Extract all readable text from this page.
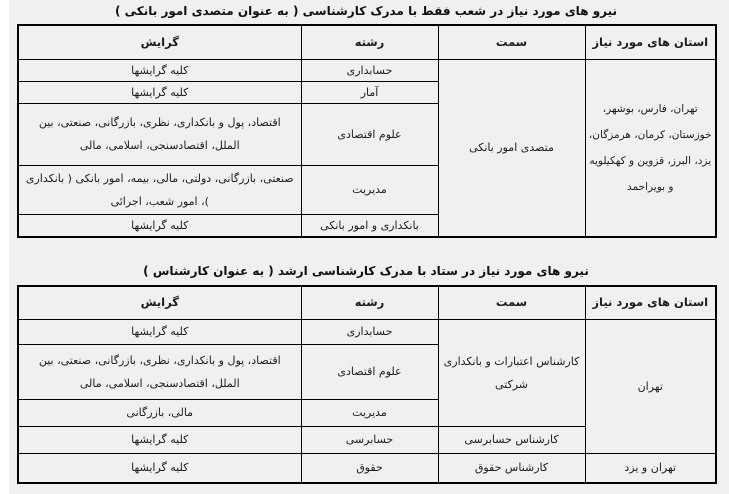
نیرو های مورد نیاز در شعب فقط با مدرک کارشناسی ( به عنوان متصدی امور بانکی )
استان های مورد نیاز	سمت	رشته	گرایش
تهران، فارس، بوشهر، خوزستان، کرمان، هرمزگان، یزد، البرز، قزوین و کهکیلویه و بویراحمد	متصدی امور بانکی	حسابداری	کلیه گرایشها
		آمار	کلیه گرایشها
		علوم اقتصادی	اقتصاد، پول و بانکداری، نظری، بازرگانی، صنعتی، بین الملل، اقتصادسنجی، اسلامی، مالی
		مدیریت	صنعتی، بازرگانی، دولتی، مالی، بیمه، امور بانکی ( بانکداری )، امور شعب، اجرائی
		بانکداری و امور بانکی	کلیه گرایشها
نیرو های مورد نیاز در ستاد با مدرک کارشناسی ارشد ( به عنوان کارشناس )
استان های مورد نیاز	سمت	رشته	گرایش
تهران	کارشناس اعتبارات و بانکداری شرکتی	حسابداری	کلیه گرایشها
		علوم اقتصادی	اقتصاد، پول و بانکداری، نظری، بازرگانی، صنعتی، بین الملل، اقتصادسنجی، اسلامی، مالی
		مدیریت	مالی، بازرگانی
	کارشناس حسابرسی	حسابرسی	کلیه گرایشها
تهران و یزد	کارشناس حقوق	حقوق	کلیه گرایشها
